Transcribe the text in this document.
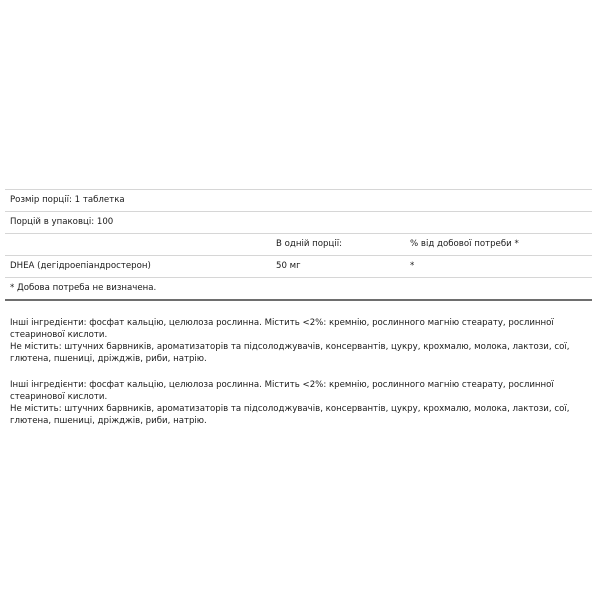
Розмір порції: 1 таблетка		
Порцій в упаковці: 100		
	В одній порції:	% від добової потреби *
DHEA (дегідроепіандростерон)	50 мг	*
* Добова потреба не визначена.		

Інші інгредієнти: фосфат кальцію, целюлоза рослинна. Містить <2%: кремнію, рослинного магнію стеарату, рослинної стеаринової кислоти.

Не містить: штучних барвників, ароматизаторів та підсолоджувачів, консервантів, цукру, крохмалю, молока, лактози, сої, глютена, пшениці, дріжджів, риби, натрію.

Інші інгредієнти: фосфат кальцію, целюлоза рослинна. Містить <2%: кремнію, рослинного магнію стеарату, рослинної стеаринової кислоти.

Не містить: штучних барвників, ароматизаторів та підсолоджувачів, консервантів, цукру, крохмалю, молока, лактози, сої, глютена, пшениці, дріжджів, риби, натрію.
